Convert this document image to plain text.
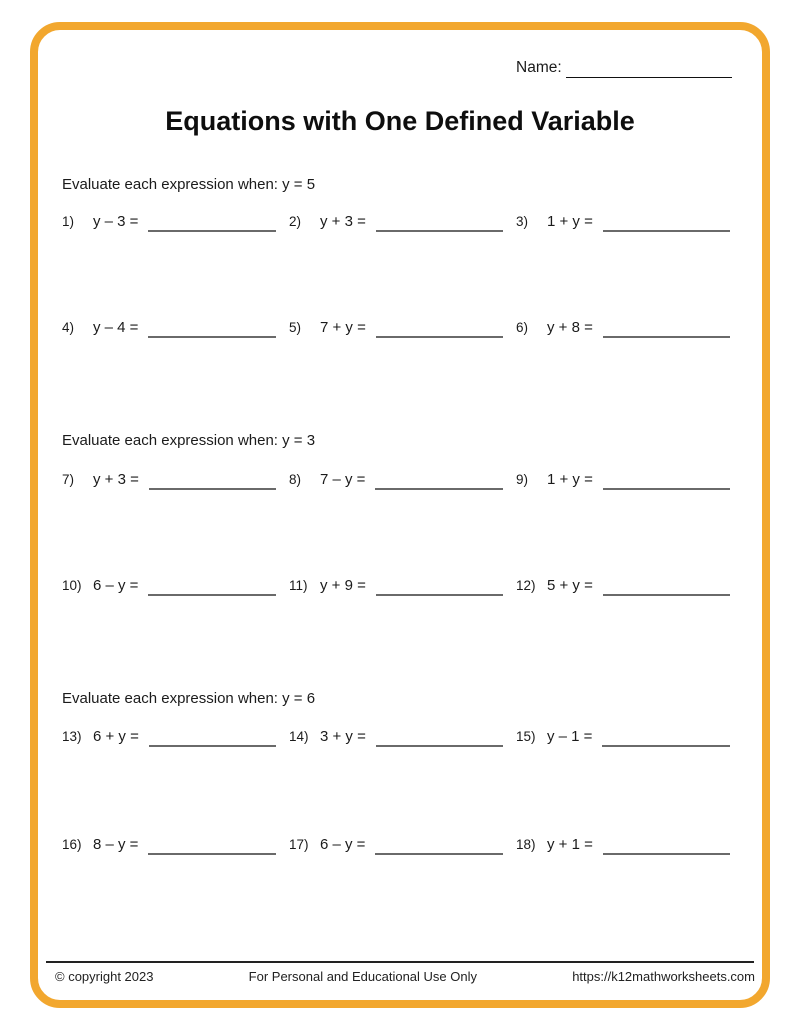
Name:
Equations with One Defined Variable
Evaluate each expression when: y = 5
1)	y – 3 =	2)	y + 3 =	3)	1 + y =
4)	y – 4 =	5)	7 + y =	6)	y + 8 =
Evaluate each expression when: y = 3
7)	y + 3 =	8)	7 – y =	9)	1 + y =
10) 6 – y =	11) y + 9 =	12) 5 + y =
Evaluate each expression when: y = 6
13) 6 + y =	14) 3 + y =	15) y – 1 =
16) 8 – y =	17) 6 – y =	18) y + 1 =
© copyright 2023	For Personal and Educational Use Only	https://k12mathworksheets.com
